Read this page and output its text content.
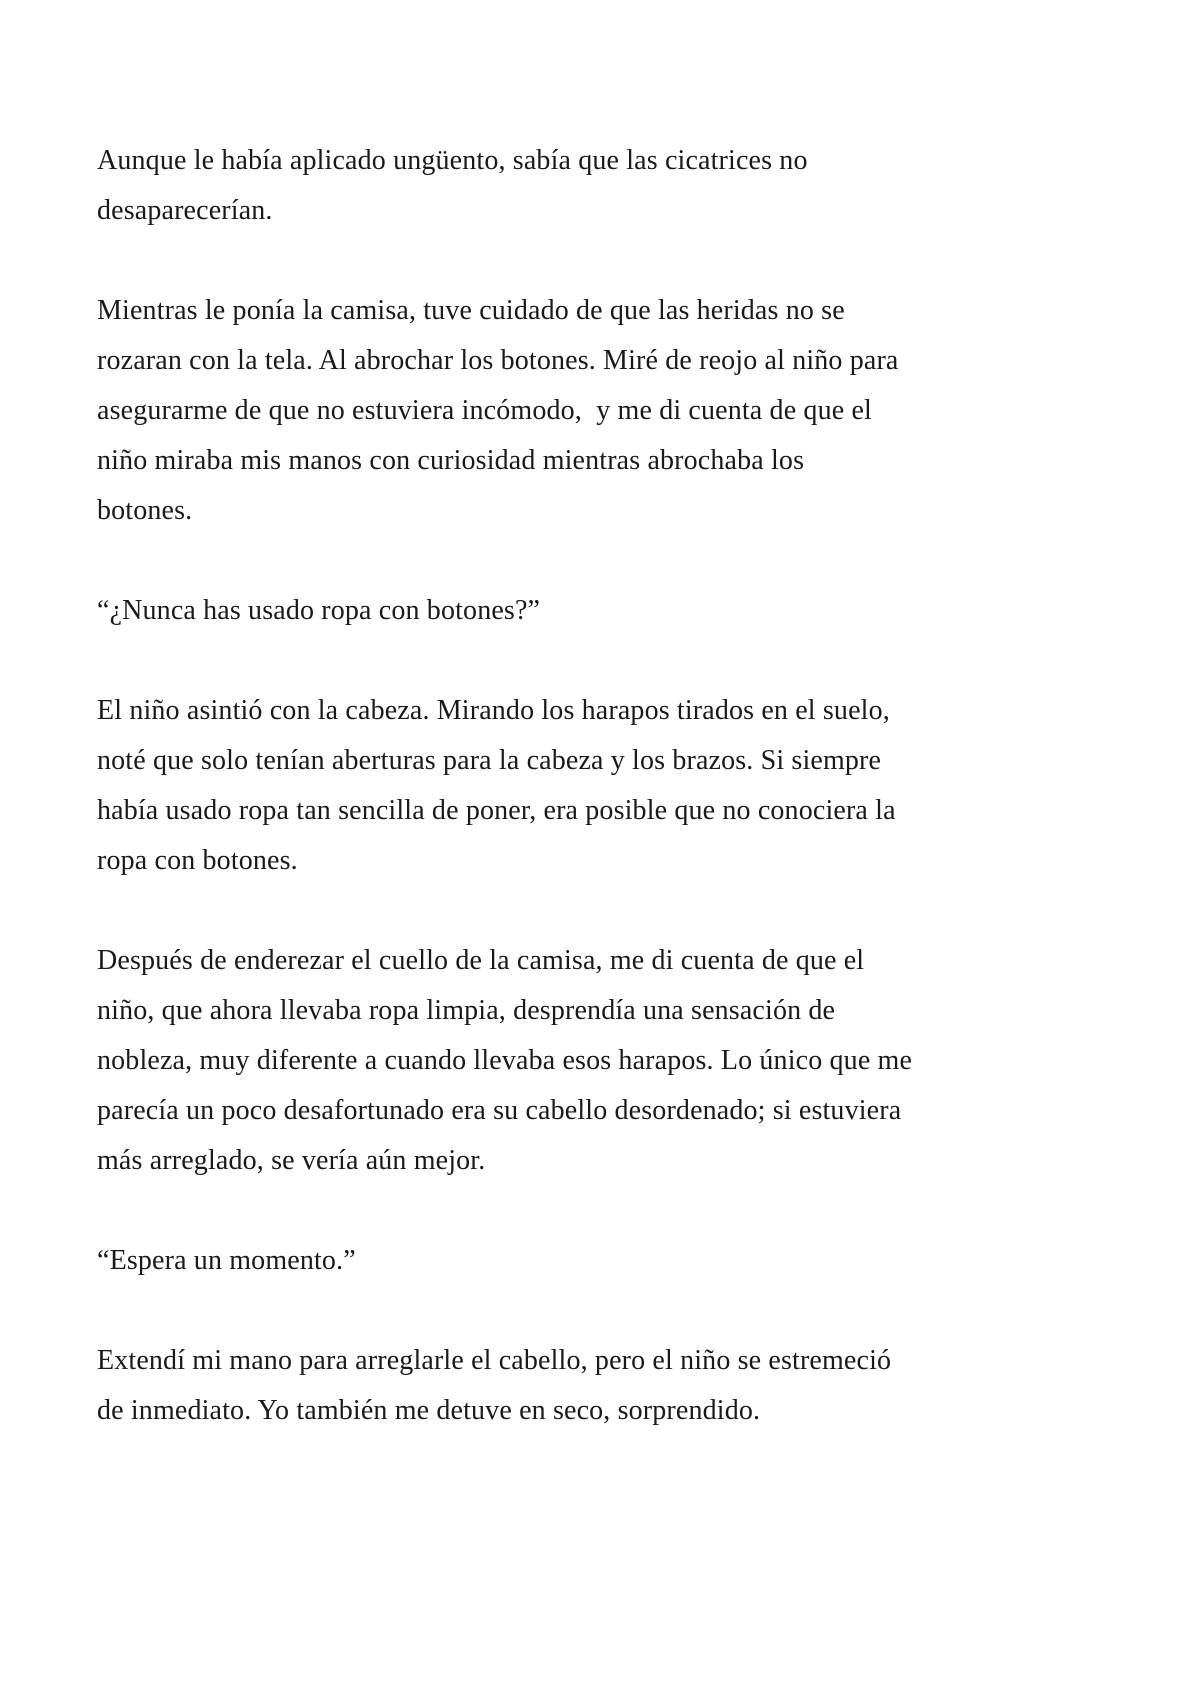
Aunque le había aplicado ungüento, sabía que las cicatrices no
desaparecerían.

Mientras le ponía la camisa, tuve cuidado de que las heridas no se
rozaran con la tela. Al abrochar los botones. Miré de reojo al niño para
asegurarme de que no estuviera incómodo,  y me di cuenta de que el
niño miraba mis manos con curiosidad mientras abrochaba los
botones.

“¿Nunca has usado ropa con botones?”

El niño asintió con la cabeza. Mirando los harapos tirados en el suelo,
noté que solo tenían aberturas para la cabeza y los brazos. Si siempre
había usado ropa tan sencilla de poner, era posible que no conociera la
ropa con botones.

Después de enderezar el cuello de la camisa, me di cuenta de que el
niño, que ahora llevaba ropa limpia, desprendía una sensación de
nobleza, muy diferente a cuando llevaba esos harapos. Lo único que me
parecía un poco desafortunado era su cabello desordenado; si estuviera
más arreglado, se vería aún mejor.

“Espera un momento.”

Extendí mi mano para arreglarle el cabello, pero el niño se estremeció
de inmediato. Yo también me detuve en seco, sorprendido.
